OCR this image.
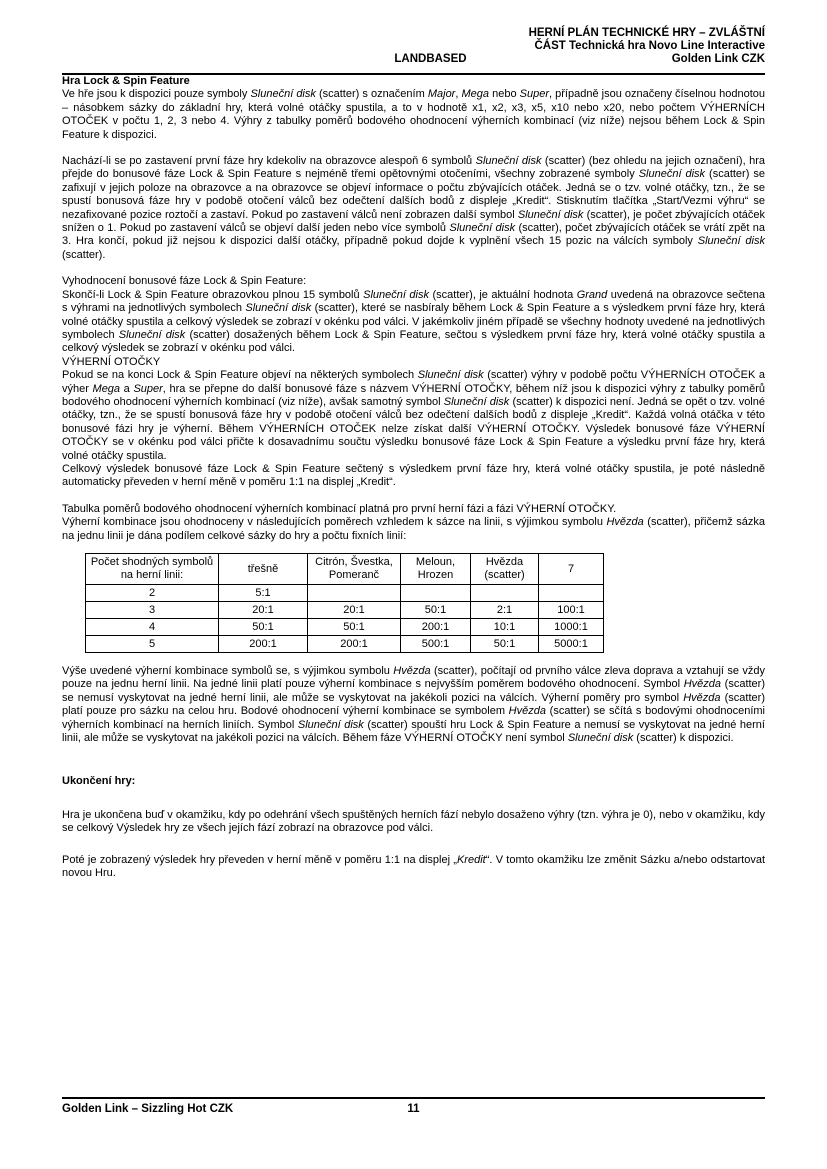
LANDBASED
HERNÍ PLÁN TECHNICKÉ HRY – ZVLÁŠTNÍ
ČÁST Technická hra Novo Line Interactive
Golden Link CZK

Hra Lock & Spin Feature

Ve hře jsou k dispozici pouze symboly Sluneční disk (scatter) s označením Major, Mega nebo Super, případně jsou označeny číselnou hodnotou – násobkem sázky do základní hry, která volné otáčky spustila, a to v hodnotě x1, x2, x3, x5, x10 nebo x20, nebo počtem VÝHERNÍCH OTOČEK v počtu 1, 2, 3 nebo 4. Výhry z tabulky poměrů bodového ohodnocení výherních kombinací (viz níže) nejsou během Lock & Spin Feature k dispozici.

Nachází-li se po zastavení první fáze hry kdekoliv na obrazovce alespoň 6 symbolů Sluneční disk (scatter) (bez ohledu na jejich označení), hra přejde do bonusové fáze Lock & Spin Feature s nejméně třemi opětovnými otočeními, všechny zobrazené symboly Sluneční disk (scatter) se zafixují v jejich poloze na obrazovce a na obrazovce se objeví informace o počtu zbývajících otáček. Jedná se o tzv. volné otáčky, tzn., že se spustí bonusová fáze hry v podobě otočení válců bez odečtení dalších bodů z displeje „Kredit“. Stisknutím tlačítka „Start/Vezmi výhru“ se nezafixované pozice roztočí a zastaví. Pokud po zastavení válců není zobrazen další symbol Sluneční disk (scatter), je počet zbývajících otáček snížen o 1. Pokud po zastavení válců se objeví další jeden nebo více symbolů Sluneční disk (scatter), počet zbývajících otáček se vrátí zpět na 3. Hra končí, pokud již nejsou k dispozici další otáčky, případně pokud dojde k vyplnění všech 15 pozic na válcích symboly Sluneční disk (scatter).

Vyhodnocení bonusové fáze Lock & Spin Feature:

Skončí-li Lock & Spin Feature obrazovkou plnou 15 symbolů Sluneční disk (scatter), je aktuální hodnota Grand uvedená na obrazovce sečtena s výhrami na jednotlivých symbolech Sluneční disk (scatter), které se nasbíraly během Lock & Spin Feature a s výsledkem první fáze hry, která volné otáčky spustila a celkový výsledek se zobrazí v okénku pod válci. V jakémkoliv jiném případě se všechny hodnoty uvedené na jednotlivých symbolech Sluneční disk (scatter) dosažených během Lock & Spin Feature, sečtou s výsledkem první fáze hry, která volné otáčky spustila a celkový výsledek se zobrazí v okénku pod válci.

VÝHERNÍ OTOČKY

Pokud se na konci Lock & Spin Feature objeví na některých symbolech Sluneční disk (scatter) výhry v podobě počtu VÝHERNÍCH OTOČEK a výher Mega a Super, hra se přepne do další bonusové fáze s názvem VÝHERNÍ OTOČKY, během níž jsou k dispozici výhry z tabulky poměrů bodového ohodnocení výherních kombinací (viz níže), avšak samotný symbol Sluneční disk (scatter) k dispozici není. Jedná se opět o tzv. volné otáčky, tzn., že se spustí bonusová fáze hry v podobě otočení válců bez odečtení dalších bodů z displeje „Kredit“. Každá volná otáčka v této bonusové fázi hry je výherní. Během VÝHERNÍCH OTOČEK nelze získat další VÝHERNÍ OTOČKY. Výsledek bonusové fáze VÝHERNÍ OTOČKY se v okénku pod válci přičte k dosavadnímu součtu výsledku bonusové fáze Lock & Spin Feature a výsledku první fáze hry, která volné otáčky spustila.

Celkový výsledek bonusové fáze Lock & Spin Feature sečtený s výsledkem první fáze hry, která volné otáčky spustila, je poté následně automaticky převeden v herní měně v poměru 1:1 na displej „Kredit“.

Tabulka poměrů bodového ohodnocení výherních kombinací platná pro první herní fázi a fázi VÝHERNÍ OTOČKY.

Výherní kombinace jsou ohodnoceny v následujících poměrech vzhledem k sázce na linii, s výjimkou symbolu Hvězda (scatter), přičemž sázka na jednu linii je dána podílem celkové sázky do hry a počtu fixních linií:

Počet shodných symbolů na herní linii:	třešně	Citrón, Švestka, Pomeranč	Meloun, Hrozen	Hvězda (scatter)	7
2	5:1				
3	20:1	20:1	50:1	2:1	100:1
4	50:1	50:1	200:1	10:1	1000:1
5	200:1	200:1	500:1	50:1	5000:1

Výše uvedené výherní kombinace symbolů se, s výjimkou symbolu Hvězda (scatter), počítají od prvního válce zleva doprava a vztahují se vždy pouze na jednu herní linii. Na jedné linii platí pouze výherní kombinace s nejvyšším poměrem bodového ohodnocení. Symbol Hvězda (scatter) se nemusí vyskytovat na jedné herní linii, ale může se vyskytovat na jakékoli pozici na válcích. Výherní poměry pro symbol Hvězda (scatter) platí pouze pro sázku na celou hru. Bodové ohodnocení výherní kombinace se symbolem Hvězda (scatter) se sčítá s bodovými ohodnoceními výherních kombinací na herních liniích. Symbol Sluneční disk (scatter) spouští hru Lock & Spin Feature a nemusí se vyskytovat na jedné herní linii, ale může se vyskytovat na jakékoli pozici na válcích. Během fáze VÝHERNÍ OTOČKY není symbol Sluneční disk (scatter) k dispozici.

Ukončení hry:

Hra je ukončena buď v okamžiku, kdy po odehrání všech spuštěných herních fází nebylo dosaženo výhry (tzn. výhra je 0), nebo v okamžiku, kdy se celkový Výsledek hry ze všech jejích fází zobrazí na obrazovce pod válci.

Poté je zobrazený výsledek hry převeden v herní měně v poměru 1:1 na displej „Kredit“. V tomto okamžiku lze změnit Sázku a/nebo odstartovat novou Hru.

Golden Link – Sizzling Hot CZK	11
